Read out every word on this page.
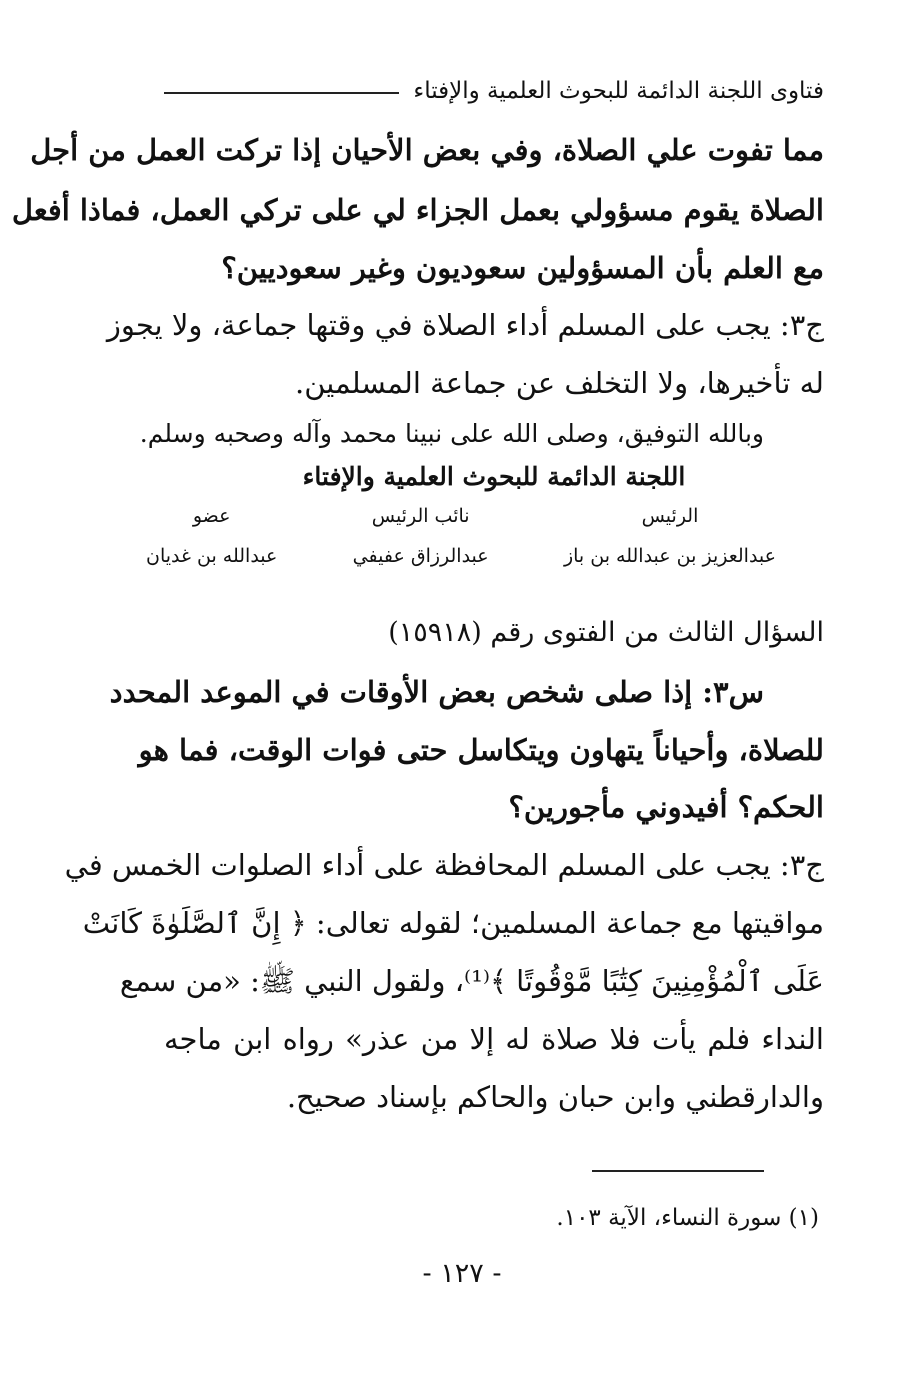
فتاوى اللجنة الدائمة للبحوث العلمية والإفتاء
مما تفوت علي الصلاة، وفي بعض الأحيان إذا تركت العمل من أجل
الصلاة يقوم مسؤولي بعمل الجزاء لي على تركي العمل، فماذا أفعل
مع العلم بأن المسؤولين سعوديون وغير سعوديين؟
ج٣: يجب على المسلم أداء الصلاة في وقتها جماعة، ولا يجوز
له تأخيرها، ولا التخلف عن جماعة المسلمين.
وبالله التوفيق، وصلى الله على نبينا محمد وآله وصحبه وسلم.
اللجنة الدائمة للبحوث العلمية والإفتاء
الرئيس
عبدالعزيز بن عبدالله بن باز
نائب الرئيس
عبدالرزاق عفيفي
عضو
عبدالله بن غديان
السؤال الثالث من الفتوى رقم (١٥٩١٨)
س٣: إذا صلى شخص بعض الأوقات في الموعد المحدد
للصلاة، وأحياناً يتهاون ويتكاسل حتى فوات الوقت، فما هو
الحكم؟ أفيدوني مأجورين؟
ج٣: يجب على المسلم المحافظة على أداء الصلوات الخمس في
مواقيتها مع جماعة المسلمين؛ لقوله تعالى: ﴿ إِنَّ ٱلصَّلَوٰةَ كَانَتْ
عَلَى ٱلْمُؤْمِنِينَ كِتَٰبًا مَّوْقُوتًا ﴾⁽¹⁾، ولقول النبي ﷺ: «من سمع
النداء فلم يأت فلا صلاة له إلا من عذر» رواه ابن ماجه
والدارقطني وابن حبان والحاكم بإسناد صحيح.
(١) سورة النساء، الآية ١٠٣.
- ١٢٧ -
